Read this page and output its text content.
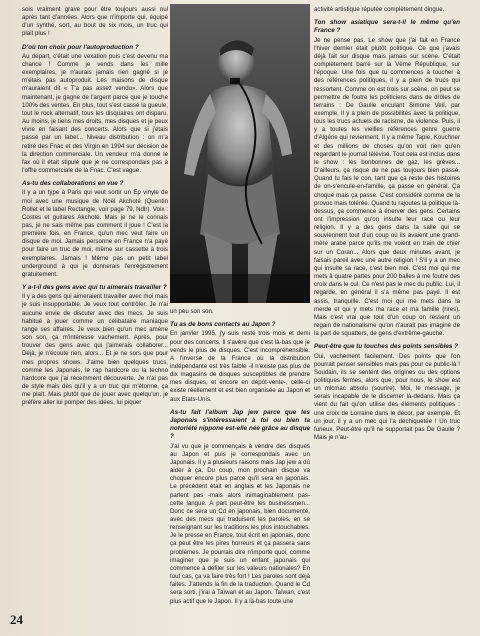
sois vraiment grave pour être toujours aussi nul après tant d'années. Alors que n'importe qui, équipé d'un synthé, sort, au bout de six mois, un truc qui plait plus !

D'où ton choix pour l'autoproduction ?

Au départ, c'était une vexation puis c'est devenu ma chance ! Comme je vends dans les mille exemplaires, je n'aurais jamais rien gagné si je m'étais pas autoproduit. Les maisons de disque m'auraient dit « T'a pas assez vendu». Alors que maintenant, je gagne de l'argent parce que je touche 100% des ventes. En plus, tout s'est cassé la gueule, tout le rock alternatif, tous les disquaires ont disparu. Au moins, je tiens mes droits, mes disques et je peux vivre en faisant des concerts. Alors que si j'étais passé par un label... Niveau distribution : on m'a retiré des Fnac et des Virgin en 1994 sur décision de la direction commerciale. Un vendeur m'a donné le fax où il était stipulé que je ne correspondais pas à l'offre commerciale de la Fnac. C'est vague.

As-tu des collaborations en vue ?

Il y a un type à Paris qui veut sortir un Ep vinyle de moi avec une musique de Noël Akchoté (Quentin Rollet et le label Rectangle, voir page 79, Ndlr). Voix : Costes et guitares Akchoté. Mais je ne le connais pas, je ne sais même pas comment il joue ! C'est la première fois, en France, qu'un mec veut faire un disque de moi. Jamais personne en France n'a payé pour faire un truc de moi, même sur cassette à trois exemplaires. Jamais ! Même pas un petit label underground à qui je donnerais l'enregistrement gratuitement.

Y a-t-il des gens avec qui tu aimerais travailler ?

Il y a des gens qui aimeraient travailler avec moi mais je suis insupportable. Je veux tout contrôler. Je n'ai aucune envie de discuter avec des mecs. Je suis habitué à jouer comme un célibataire maniaque range ses affaires. Je veux bien qu'un mec amène son son, ça m'intéresse vachement. Après, pour trouver des gens avec qui j'aimerais collaborer... Déjà, je n'écoute rien, alors... Et je ne sors que pour mes propres shows. J'aime bien quelques trucs, comme les Japonais, le rap hardcore ou la techno hardcore que j'ai récemment découverte. Je n'ai pas de style mais dès qu'il y a un truc qui m'étonne, ça me plaît. Mais plutôt que de jouer avec quelqu'un, je préfère aller lui pomper des idées, lui piquer

un peu son son.

Tu as de bons contacts au Japon ?

En janvier 1995, j'y suis resté trois mois et demi pour des concerts. Il s'avère que c'est là-bas que je vends le plus de disques. C'est incompréhensible. A l'inverse de la France où la distribution indépendante est très faible -il n'existe pas plus de dix magasins de disques susceptibles de prendre mes disques, et encore en dépôt-vente-, celle-ci existe réellement et est bien organisée au Japon et aux Etats-Unis.

As-tu fait l'album Jap jew parce que les Japonais s'intéressaient à toi ou bien ta notoriété nippone est-elle née grâce au disque ?

J'ai vu que je commençais à vendre des disques au Japon et puis je correspondais avec un Japonais. Il y a plusieurs raisons mais Jap jew a dû aider à ça. Du coup, mon prochain disque va choquer encore plus parce qu'il sera en japonais. Le précédent était en anglais et les Japonais ne parlent pas -mais alors inimaginablement pas- cette langue. A part peut-être les businessmen... Donc ce sera un Cd en japonais, bien documenté, avec des mecs qui traduisent les paroles, en se renseignant sur les traditions les plus intouchables. Je le presse en France, tout écrit en japonais, donc ça peut être les pires horreurs et ça passera sans problèmes. Je pourrais dire n'importe quoi, comme imaginer que je suis un enfant japonais qui commence à défiler sur les valeurs nationales? En tout cas, ça va faire très fort ! Les paroles sont déjà faites. J'attends la fin de la traduction. Quand le Cd sera sorti, j'irai à Taïwan et au Japon. Taïwan, c'est plus actif que le Japon. Il y a là-bas toute une

activité artistique réputée complètement dingue.

Ton show asiatique sera-t-il le même qu'en France ?

Je ne pense pas. Le show que j'ai fait en France l'hiver dernier était plutôt politique. Ce que j'avais déjà fait sur disque mais jamais sur scène. C'était complètement barré sur la Vème République, sur l'époque. Une fois que tu commences à toucher à des références politiques, il y a plein de trucs qui ressortent. Comme on est trois sur scène, on peut se permettre de foutre les politiciens dans de drôles de terrains : De Gaulle enculant Simone Veil, par exemple. Il y a plein de possibilités avec la politique, tous les trucs actuels de racisme, de violence. Puis, il y a toutes les vieilles références genre guerre d'Algérie qui reviennent. Il y a même Tapie, Kouchner et des millions de choses qu'on voit rien qu'en regardant le journal télévisé. Tout cela est inclus dans le show : les bonbonnes de gaz, les grèves... D'ailleurs, ça risque de ne pas toujours bien passé. Quand tu fais le con, tant que ça reste des histoires de on-s'encule-en-famille, ça passe en général. Ça choque mais ça passe. C'est considéré comme de la provoc mais tolérée. Quand tu rajoutes la politique là-dessus, ça commence à énerver des gens. Certains ont l'impression qu'on insulte leur race ou leur religion. Il y a des gens dans la salle qui se souviennent tout d'un coup où ils avaient une grand-mère arabe parce qu'ils me voient en train de chier sur un Coran... Alors que deux minutes avant, je faisais pareil avec une autre religion ! S'il y a un mec qui insulte sa race, c'est bien moi. C'est moi qui me mets à quatre pattes pour 200 balles à me foutre des croix dans le cul. Ce n'est pas le mec du public. Lui, il regarde, en général il s'a même pas payé. Il est assis, tranquille. C'est moi qui me mets dans la merde et qui y mets ma race et ma famille (rires). Mais c'est vrai que tout d'un coup on ressent un regain de nationalisme qu'on n'aurait pas imaginé de la part de squatters, de gens d'extrême-gauche.

Peut-être que tu touches des points sensibles ?

Oui, vachement facilement. Des points que l'on pourrait penser sensibles mais pas pour ce public-là ! Soudain, ils se sentent des origines ou des options politiques fermes, alors que, pour nous, le show est un micmac absolu (sourire). Moi, le message, je serais incapable de le discerner là-dedans. Mais ça vient du fait qu'on utilise des éléments politiques : une croix de Lorraine dans le décor, par exemple. Et un jour, il y a un mec qui l'a déchiquetée ! Un truc furieux. Peut-être qu'il ne supportait pas De Gaulle ? Mais je n'au-

24
